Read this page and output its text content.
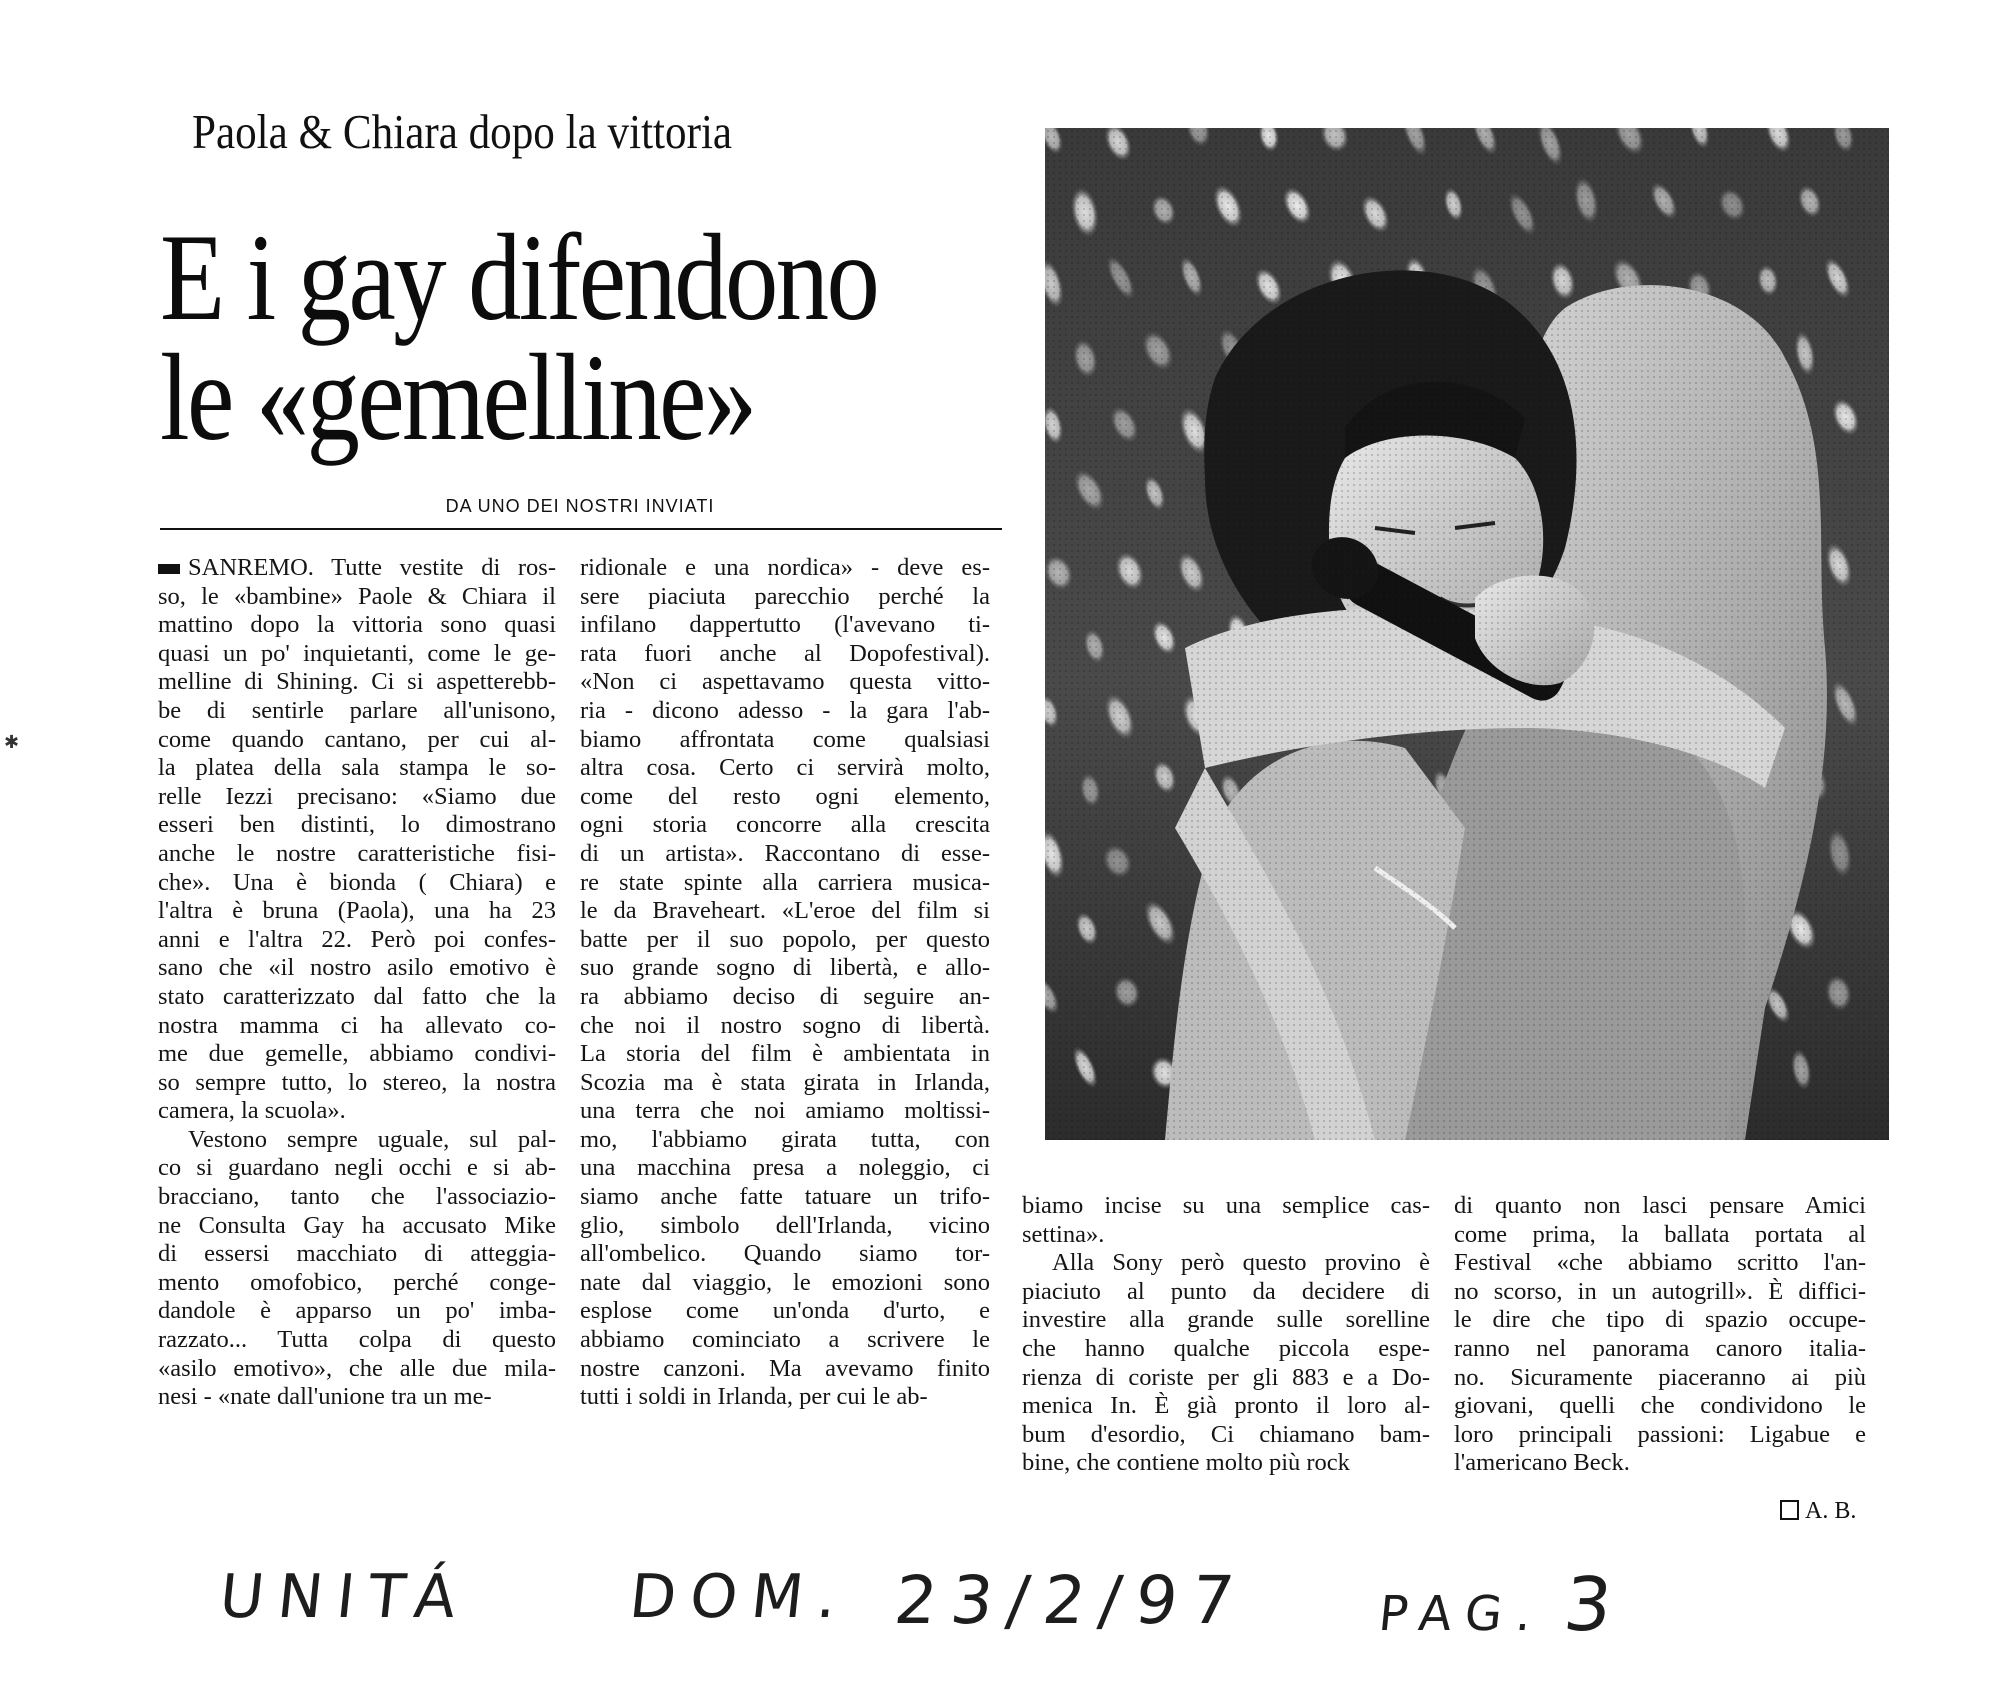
✱
Paola & Chiara dopo la vittoria
E i gay difendono
le «gemelline»
DA UNO DEI NOSTRI INVIATI
SANREMO. Tutte vestite di ros-
so, le «bambine» Paole & Chiara il
mattino dopo la vittoria sono quasi
quasi un po' inquietanti, come le ge-
melline di Shining. Ci si aspetterebb-
be di sentirle parlare all'unisono,
come quando cantano, per cui al-
la platea della sala stampa le so-
relle Iezzi precisano: «Siamo due
esseri ben distinti, lo dimostrano
anche le nostre caratteristiche fisi-
che». Una è bionda ( Chiara) e
l'altra è bruna (Paola), una ha 23
anni e l'altra 22. Però poi confes-
sano che «il nostro asilo emotivo è
stato caratterizzato dal fatto che la
nostra mamma ci ha allevato co-
me due gemelle, abbiamo condivi-
so sempre tutto, lo stereo, la nostra
camera, la scuola».
Vestono sempre uguale, sul pal-
co si guardano negli occhi e si ab-
bracciano, tanto che l'associazio-
ne Consulta Gay ha accusato Mike
di essersi macchiato di atteggia-
mento omofobico, perché conge-
dandole è apparso un po' imba-
razzato... Tutta colpa di questo
«asilo emotivo», che alle due mila-
nesi - «nate dall'unione tra un me-
ridionale e una nordica» - deve es-
sere piaciuta parecchio perché la
infilano dappertutto (l'avevano ti-
rata fuori anche al Dopofestival).
«Non ci aspettavamo questa vitto-
ria - dicono adesso - la gara l'ab-
biamo affrontata come qualsiasi
altra cosa. Certo ci servirà molto,
come del resto ogni elemento,
ogni storia concorre alla crescita
di un artista». Raccontano di esse-
re state spinte alla carriera musica-
le da Braveheart. «L'eroe del film si
batte per il suo popolo, per questo
suo grande sogno di libertà, e allo-
ra abbiamo deciso di seguire an-
che noi il nostro sogno di libertà.
La storia del film è ambientata in
Scozia ma è stata girata in Irlanda,
una terra che noi amiamo moltissi-
mo, l'abbiamo girata tutta, con
una macchina presa a noleggio, ci
siamo anche fatte tatuare un trifo-
glio, simbolo dell'Irlanda, vicino
all'ombelico. Quando siamo tor-
nate dal viaggio, le emozioni sono
esplose come un'onda d'urto, e
abbiamo cominciato a scrivere le
nostre canzoni. Ma avevamo finito
tutti i soldi in Irlanda, per cui le ab-
biamo incise su una semplice cas-
settina».
Alla Sony però questo provino è
piaciuto al punto da decidere di
investire alla grande sulle sorelline
che hanno qualche piccola espe-
rienza di coriste per gli 883 e a Do-
menica In. È già pronto il loro al-
bum d'esordio, Ci chiamano bam-
bine, che contiene molto più rock
di quanto non lasci pensare Amici
come prima, la ballata portata al
Festival «che abbiamo scritto l'an-
no scorso, in un autogrill». È diffici-
le dire che tipo di spazio occupe-
ranno nel panorama canoro italia-
no. Sicuramente piaceranno ai più
giovani, quelli che condividono le
loro principali passioni: Ligabue e
l'americano Beck.
A. B.
UNITÁ	DOM. 23/2/97	PAG. 3
